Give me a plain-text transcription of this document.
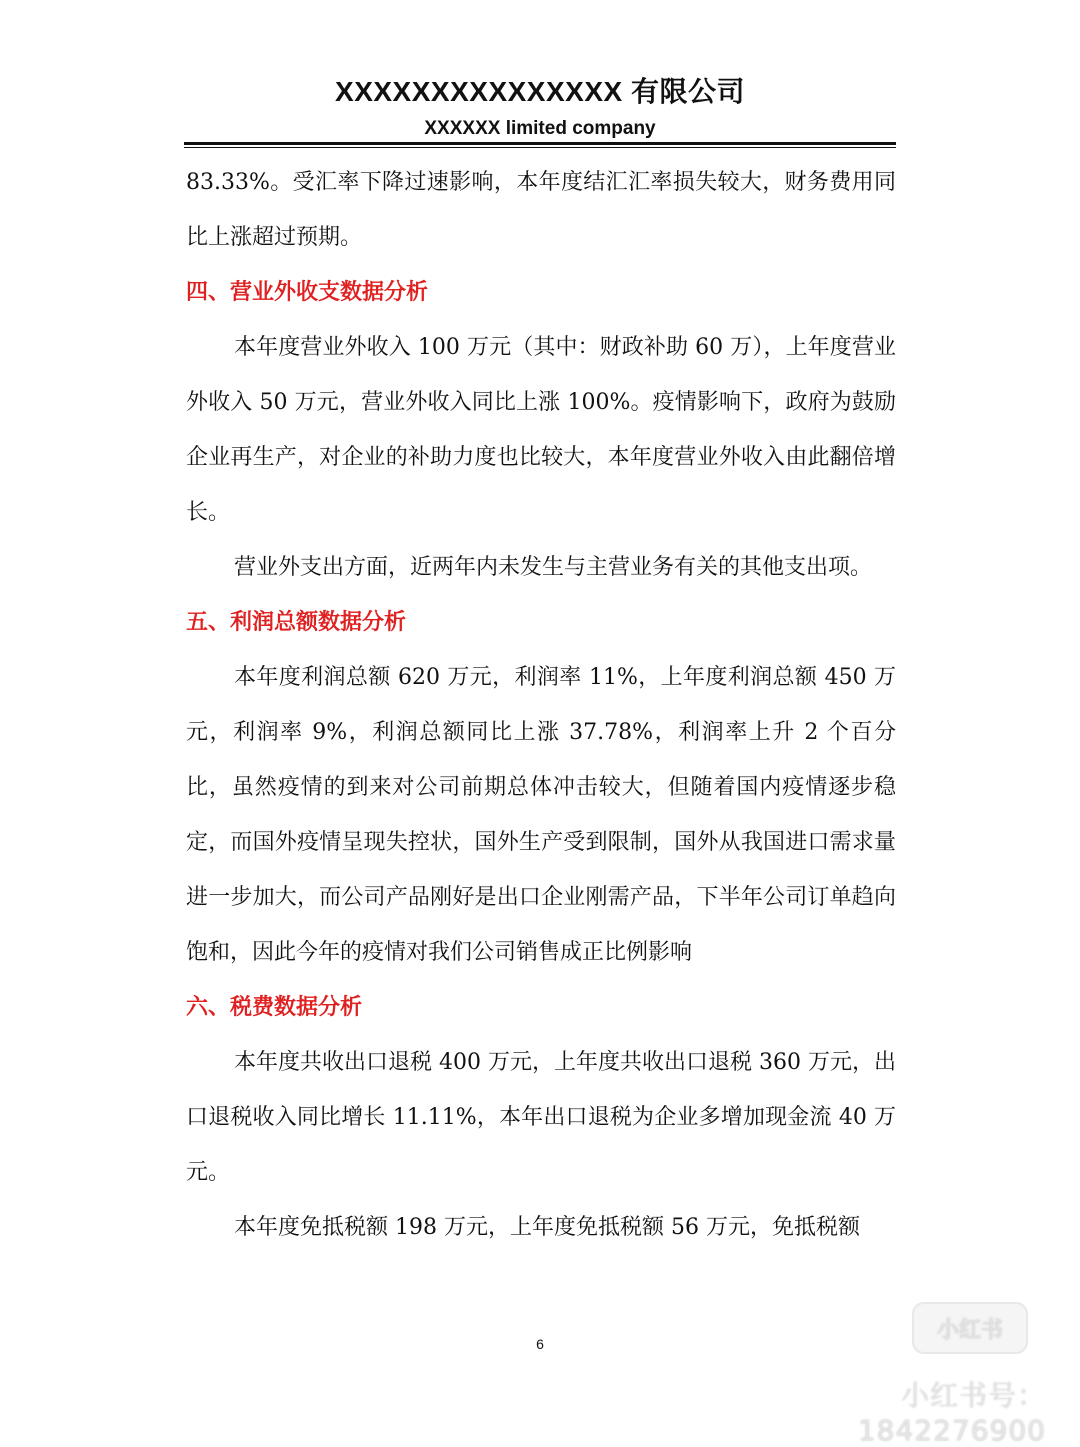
XXXXXXXXXXXXXXX 有限公司
XXXXXX limited company

83.33%。受汇率下降过速影响，本年度结汇汇率损失较大，财务费用同比上涨超过预期。

四、营业外收支数据分析

本年度营业外收入 100 万元（其中：财政补助 60 万），上年度营业外收入 50 万元，营业外收入同比上涨 100%。疫情影响下，政府为鼓励企业再生产，对企业的补助力度也比较大，本年度营业外收入由此翻倍增长。

营业外支出方面，近两年内未发生与主营业务有关的其他支出项。

五、利润总额数据分析

本年度利润总额 620 万元，利润率 11%，上年度利润总额 450 万元，利润率 9%，利润总额同比上涨 37.78%，利润率上升 2 个百分比，虽然疫情的到来对公司前期总体冲击较大，但随着国内疫情逐步稳定，而国外疫情呈现失控状，国外生产受到限制，国外从我国进口需求量进一步加大，而公司产品刚好是出口企业刚需产品，下半年公司订单趋向饱和，因此今年的疫情对我们公司销售成正比例影响

六、税费数据分析

本年度共收出口退税 400 万元，上年度共收出口退税 360 万元，出口退税收入同比增长 11.11%，本年出口退税为企业多增加现金流 40 万元。

本年度免抵税额 198 万元，上年度免抵税额 56 万元，免抵税额

6
小红书
小红书号：1842276900
